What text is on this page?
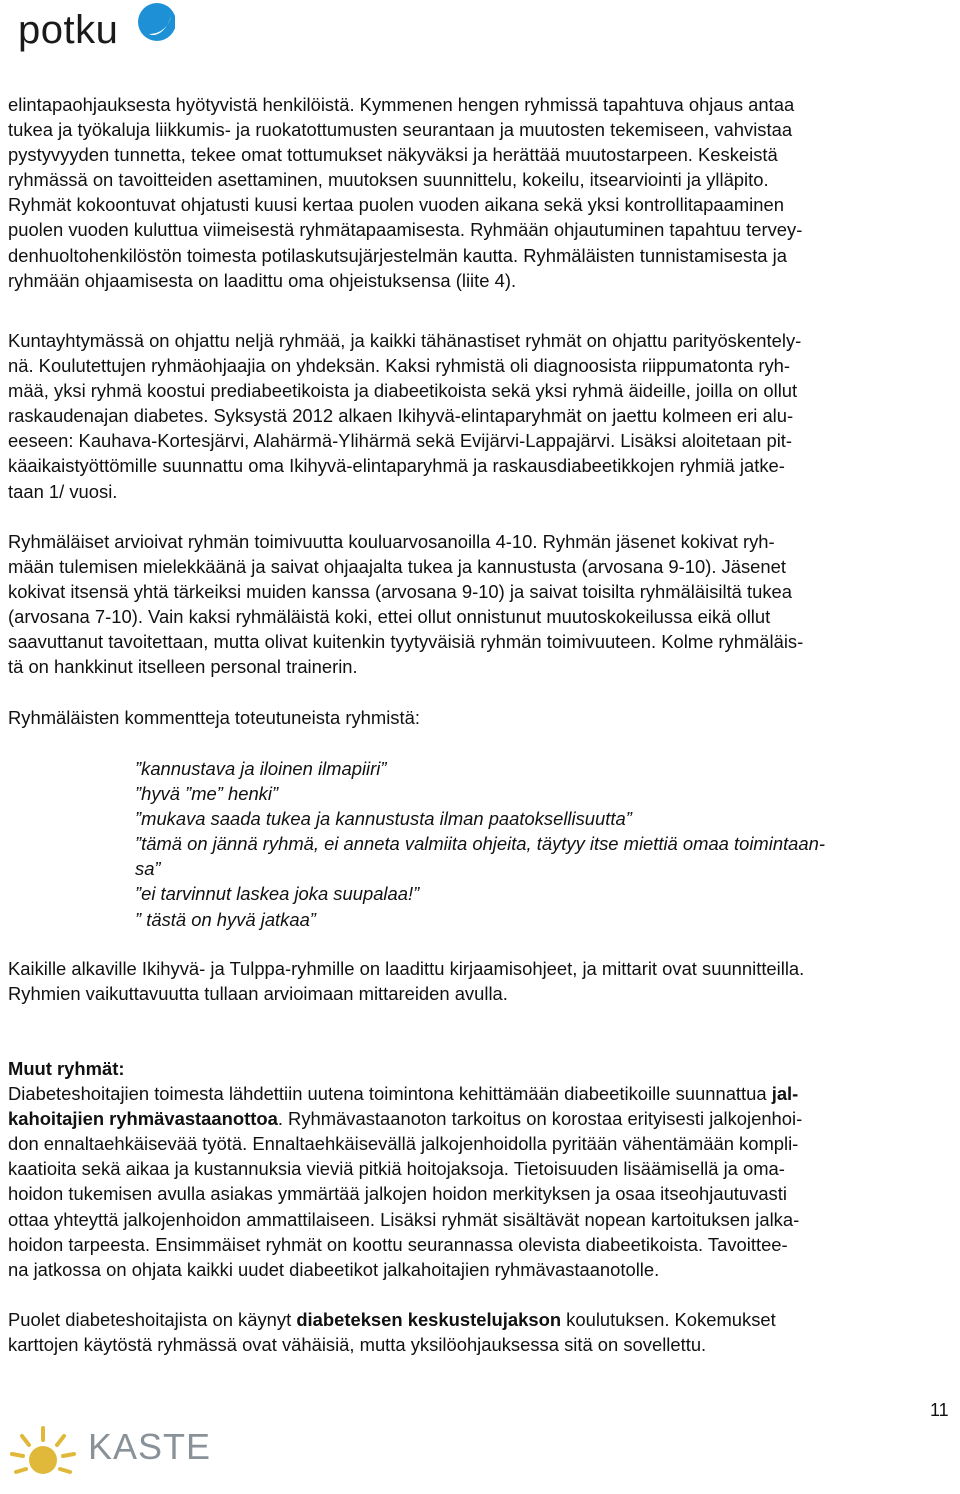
potku
elintapaohjauksesta hyötyvistä henkilöistä. Kymmenen hengen ryhmissä tapahtuva ohjaus antaa
tukea ja työkaluja liikkumis- ja ruokatottumusten seurantaan ja muutosten tekemiseen, vahvistaa
pystyvyyden tunnetta, tekee omat tottumukset näkyväksi ja herättää muutostarpeen. Keskeistä
ryhmässä on tavoitteiden asettaminen, muutoksen suunnittelu, kokeilu, itsearviointi ja ylläpito.
Ryhmät kokoontuvat ohjatusti kuusi kertaa puolen vuoden aikana sekä yksi kontrollitapaaminen
puolen vuoden kuluttua viimeisestä ryhmätapaamisesta. Ryhmään ohjautuminen tapahtuu tervey-
denhuoltohenkilöstön toimesta potilaskutsujärjestelmän kautta. Ryhmäläisten tunnistamisesta ja
ryhmään ohjaamisesta on laadittu oma ohjeistuksensa (liite 4).
Kuntayhtymässä on ohjattu neljä ryhmää, ja kaikki tähänastiset ryhmät on ohjattu parityöskentely-
nä. Koulutettujen ryhmäohjaajia on yhdeksän. Kaksi ryhmistä oli diagnoosista riippumatonta ryh-
mää, yksi ryhmä koostui prediabeetikoista ja diabeetikoista sekä yksi ryhmä äideille, joilla on ollut
raskaudenajan diabetes. Syksystä 2012 alkaen Ikihyvä-elintaparyhmät on jaettu kolmeen eri alu-
eeseen: Kauhava-Kortesjärvi, Alahärmä-Ylihärmä sekä Evijärvi-Lappajärvi. Lisäksi aloitetaan pit-
käaikaistyöttömille suunnattu oma Ikihyvä-elintaparyhmä ja raskausdiabeetikkojen ryhmiä jatke-
taan 1/ vuosi.
Ryhmäläiset arvioivat ryhmän toimivuutta kouluarvosanoilla 4-10. Ryhmän jäsenet kokivat ryh-
mään tulemisen mielekkäänä ja saivat ohjaajalta tukea ja kannustusta (arvosana 9-10). Jäsenet
kokivat itsensä yhtä tärkeiksi muiden kanssa (arvosana 9-10) ja saivat toisilta ryhmäläisiltä tukea
(arvosana 7-10). Vain kaksi ryhmäläistä koki, ettei ollut onnistunut muutoskokeilussa eikä ollut
saavuttanut tavoitettaan, mutta olivat kuitenkin tyytyväisiä ryhmän toimivuuteen. Kolme ryhmäläis-
tä on hankkinut itselleen personal trainerin.
Ryhmäläisten kommentteja toteutuneista ryhmistä:
”kannustava ja iloinen ilmapiiri”
”hyvä ”me” henki”
”mukava saada tukea ja kannustusta ilman paatoksellisuutta”
”tämä on jännä ryhmä, ei anneta valmiita ohjeita, täytyy itse miettiä omaa toimintaan-
sa”
”ei tarvinnut laskea joka suupalaa!”
” tästä on hyvä jatkaa”
Kaikille alkaville Ikihyvä- ja Tulppa-ryhmille on laadittu kirjaamisohjeet, ja mittarit ovat suunnitteilla.
Ryhmien vaikuttavuutta tullaan arvioimaan mittareiden avulla.
Muut ryhmät:
Diabeteshoitajien toimesta lähdettiin uutena toimintona kehittämään diabeetikoille suunnattua jal-
kahoitajien ryhmävastaanottoa. Ryhmävastaanoton tarkoitus on korostaa erityisesti jalkojenhoi-
don ennaltaehkäisevää työtä. Ennaltaehkäisevällä jalkojenhoidolla pyritään vähentämään kompli-
kaatioita sekä aikaa ja kustannuksia vieviä pitkiä hoitojaksoja. Tietoisuuden lisäämisellä ja oma-
hoidon tukemisen avulla asiakas ymmärtää jalkojen hoidon merkityksen ja osaa itseohjautuvasti
ottaa yhteyttä jalkojenhoidon ammattilaiseen. Lisäksi ryhmät sisältävät nopean kartoituksen jalka-
hoidon tarpeesta. Ensimmäiset ryhmät on koottu seurannassa olevista diabeetikoista. Tavoittee-
na jatkossa on ohjata kaikki uudet diabeetikot jalkahoitajien ryhmävastaanotolle.
Puolet diabeteshoitajista on käynyt diabeteksen keskustelujakson koulutuksen. Kokemukset
karttojen käytöstä ryhmässä ovat vähäisiä, mutta yksilöohjauksessa sitä on sovellettu.
11
KASTE
